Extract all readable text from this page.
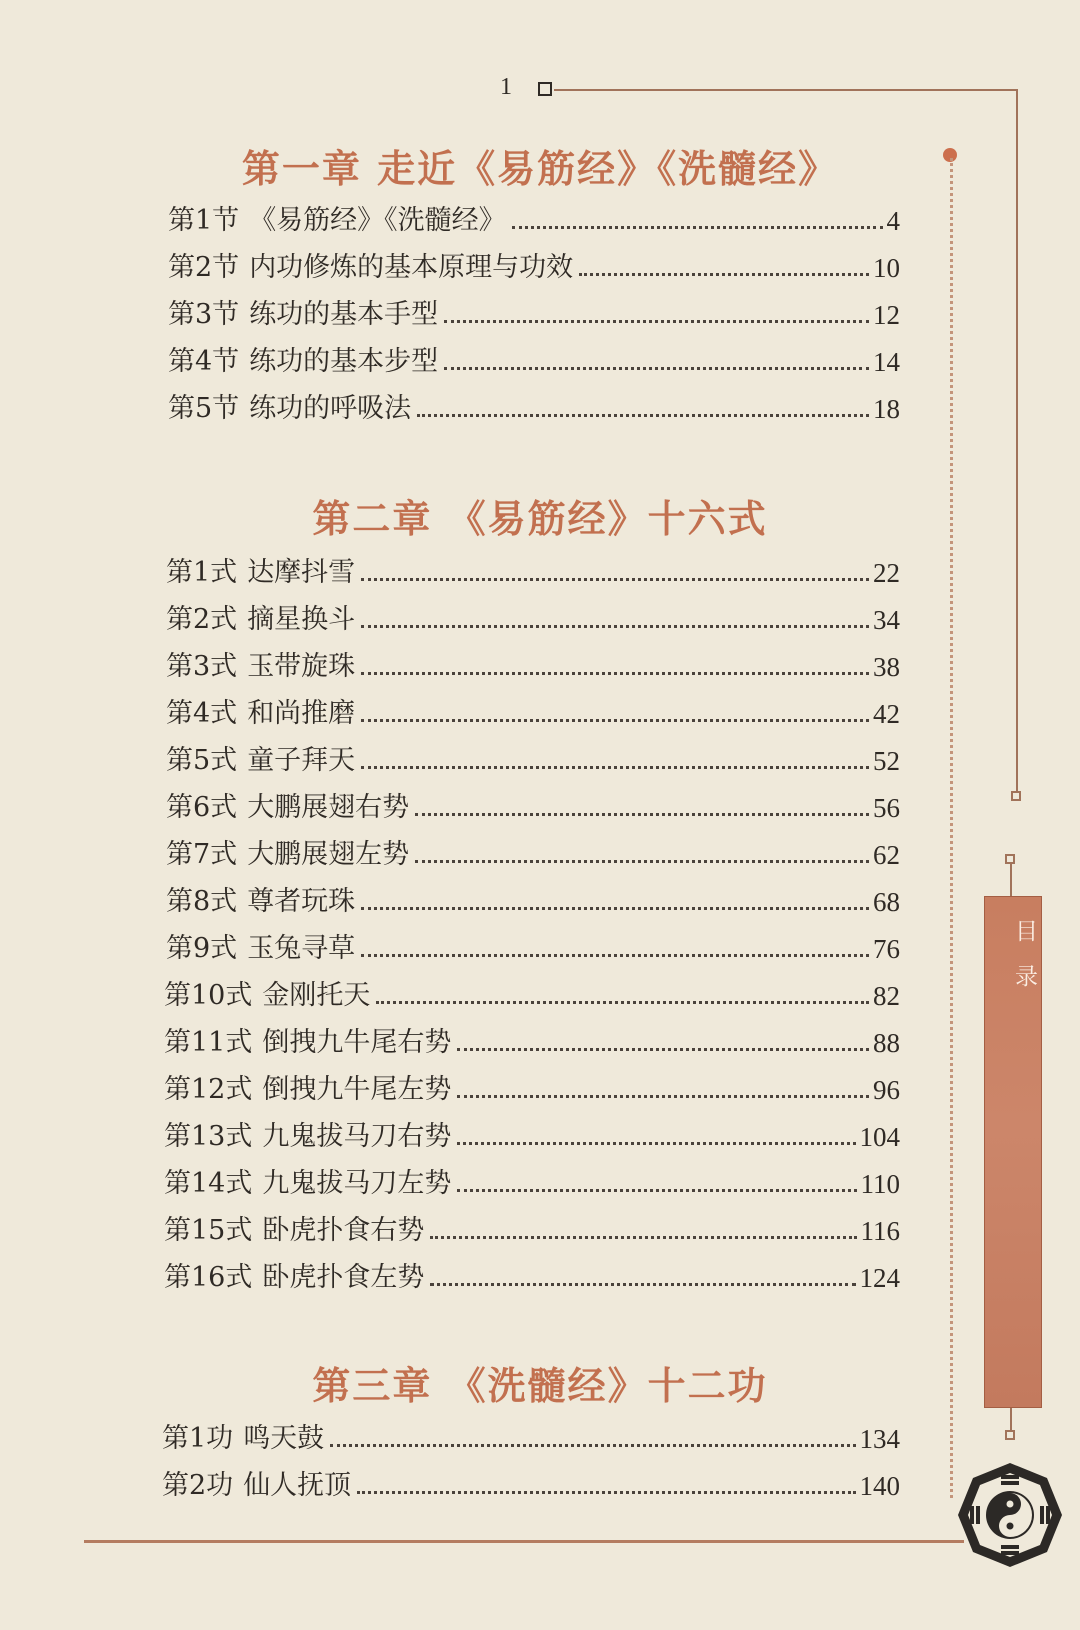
1
目录
第一章 走近《易筋经》《洗髓经》
第1节 《易筋经》《洗髓经》	4
第2节 内功修炼的基本原理与功效	10
第3节 练功的基本手型	12
第4节 练功的基本步型	14
第5节 练功的呼吸法	18
第二章 《易筋经》十六式
第1式 达摩抖雪	22
第2式 摘星换斗	34
第3式 玉带旋珠	38
第4式 和尚推磨	42
第5式 童子拜天	52
第6式 大鹏展翅右势	56
第7式 大鹏展翅左势	62
第8式 尊者玩珠	68
第9式 玉兔寻草	76
第10式 金刚托天	82
第11式 倒拽九牛尾右势	88
第12式 倒拽九牛尾左势	96
第13式 九鬼拔马刀右势	104
第14式 九鬼拔马刀左势	110
第15式 卧虎扑食右势	116
第16式 卧虎扑食左势	124
第三章 《洗髓经》十二功
第1功 鸣天鼓	134
第2功 仙人抚顶	140
